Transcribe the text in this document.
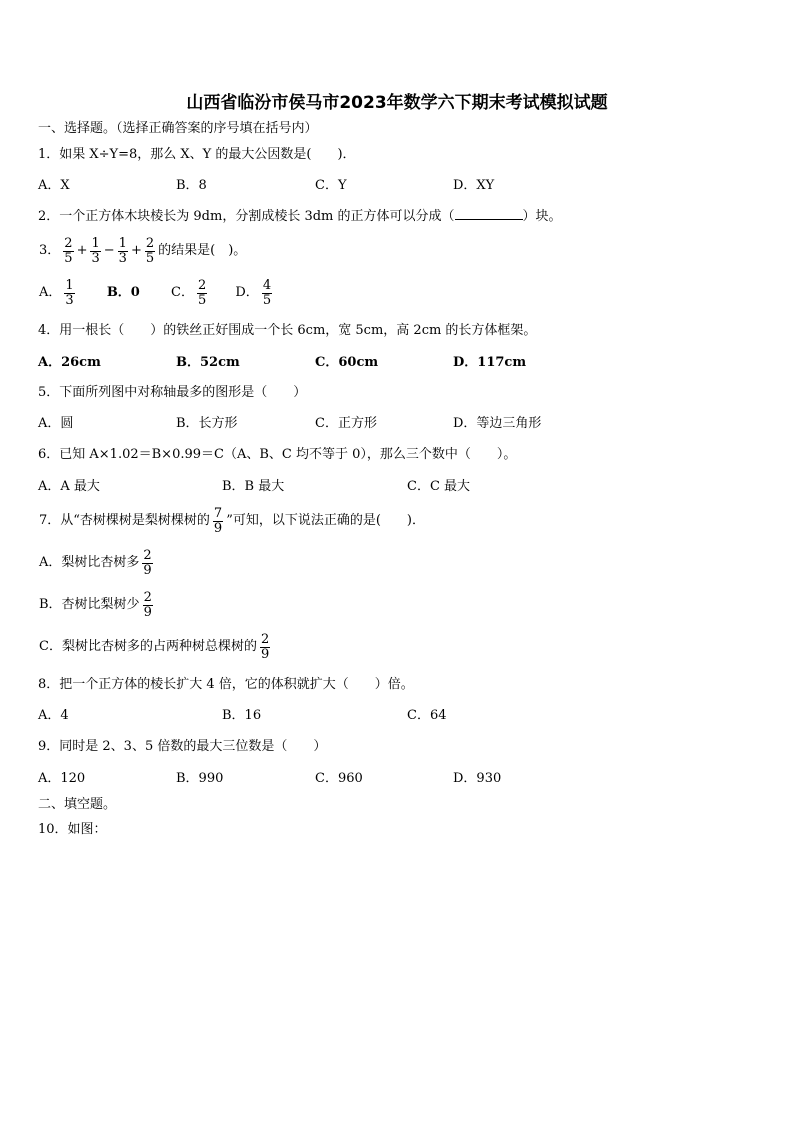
山西省临汾市侯马市2023年数学六下期末考试模拟试题
一、选择题。（选择正确答案的序号填在括号内）
1．如果 X÷Y=8，那么 X、Y 的最大公因数是(　　)．
A．X	B．8	C．Y	D．XY
2．一个正方体木块棱长为 9dm，分割成棱长 3dm 的正方体可以分成（	）块。
3． $\frac{2}{5} + \frac{1}{3} - \frac{1}{3} + \frac{2}{5}$ 的结果是(　)。
A． $\frac{1}{3}$ B．0 C． $\frac{2}{5}$ D． $\frac{4}{5}$
4．用一根长（　　）的铁丝正好围成一个长 6cm，宽 5cm，高 2cm 的长方体框架。
A．26cm	B．52cm	C．60cm	D．117cm
5．下面所列图中对称轴最多的图形是（　　）
A．圆	B．长方形	C．正方形	D．等边三角形
6．已知 A×1.02＝B×0.99＝C（A、B、C 均不等于 0），那么三个数中（　　）。
A．A 最大	B．B 最大	C．C 最大
7．从“杏树棵树是梨树棵树的 $\frac{7}{9}$ ”可知，以下说法正确的是(　　)．
A．梨树比杏树多 $\frac{2}{9}$
B．杏树比梨树少 $\frac{2}{9}$
C．梨树比杏树多的占两种树总棵树的 $\frac{2}{9}$
8．把一个正方体的棱长扩大 4 倍，它的体积就扩大（　　）倍。
A．4	B．16	C．64
9．同时是 2、3、5 倍数的最大三位数是（　　）
A．120	B．990	C．960	D．930
二、填空题。
10．如图：
